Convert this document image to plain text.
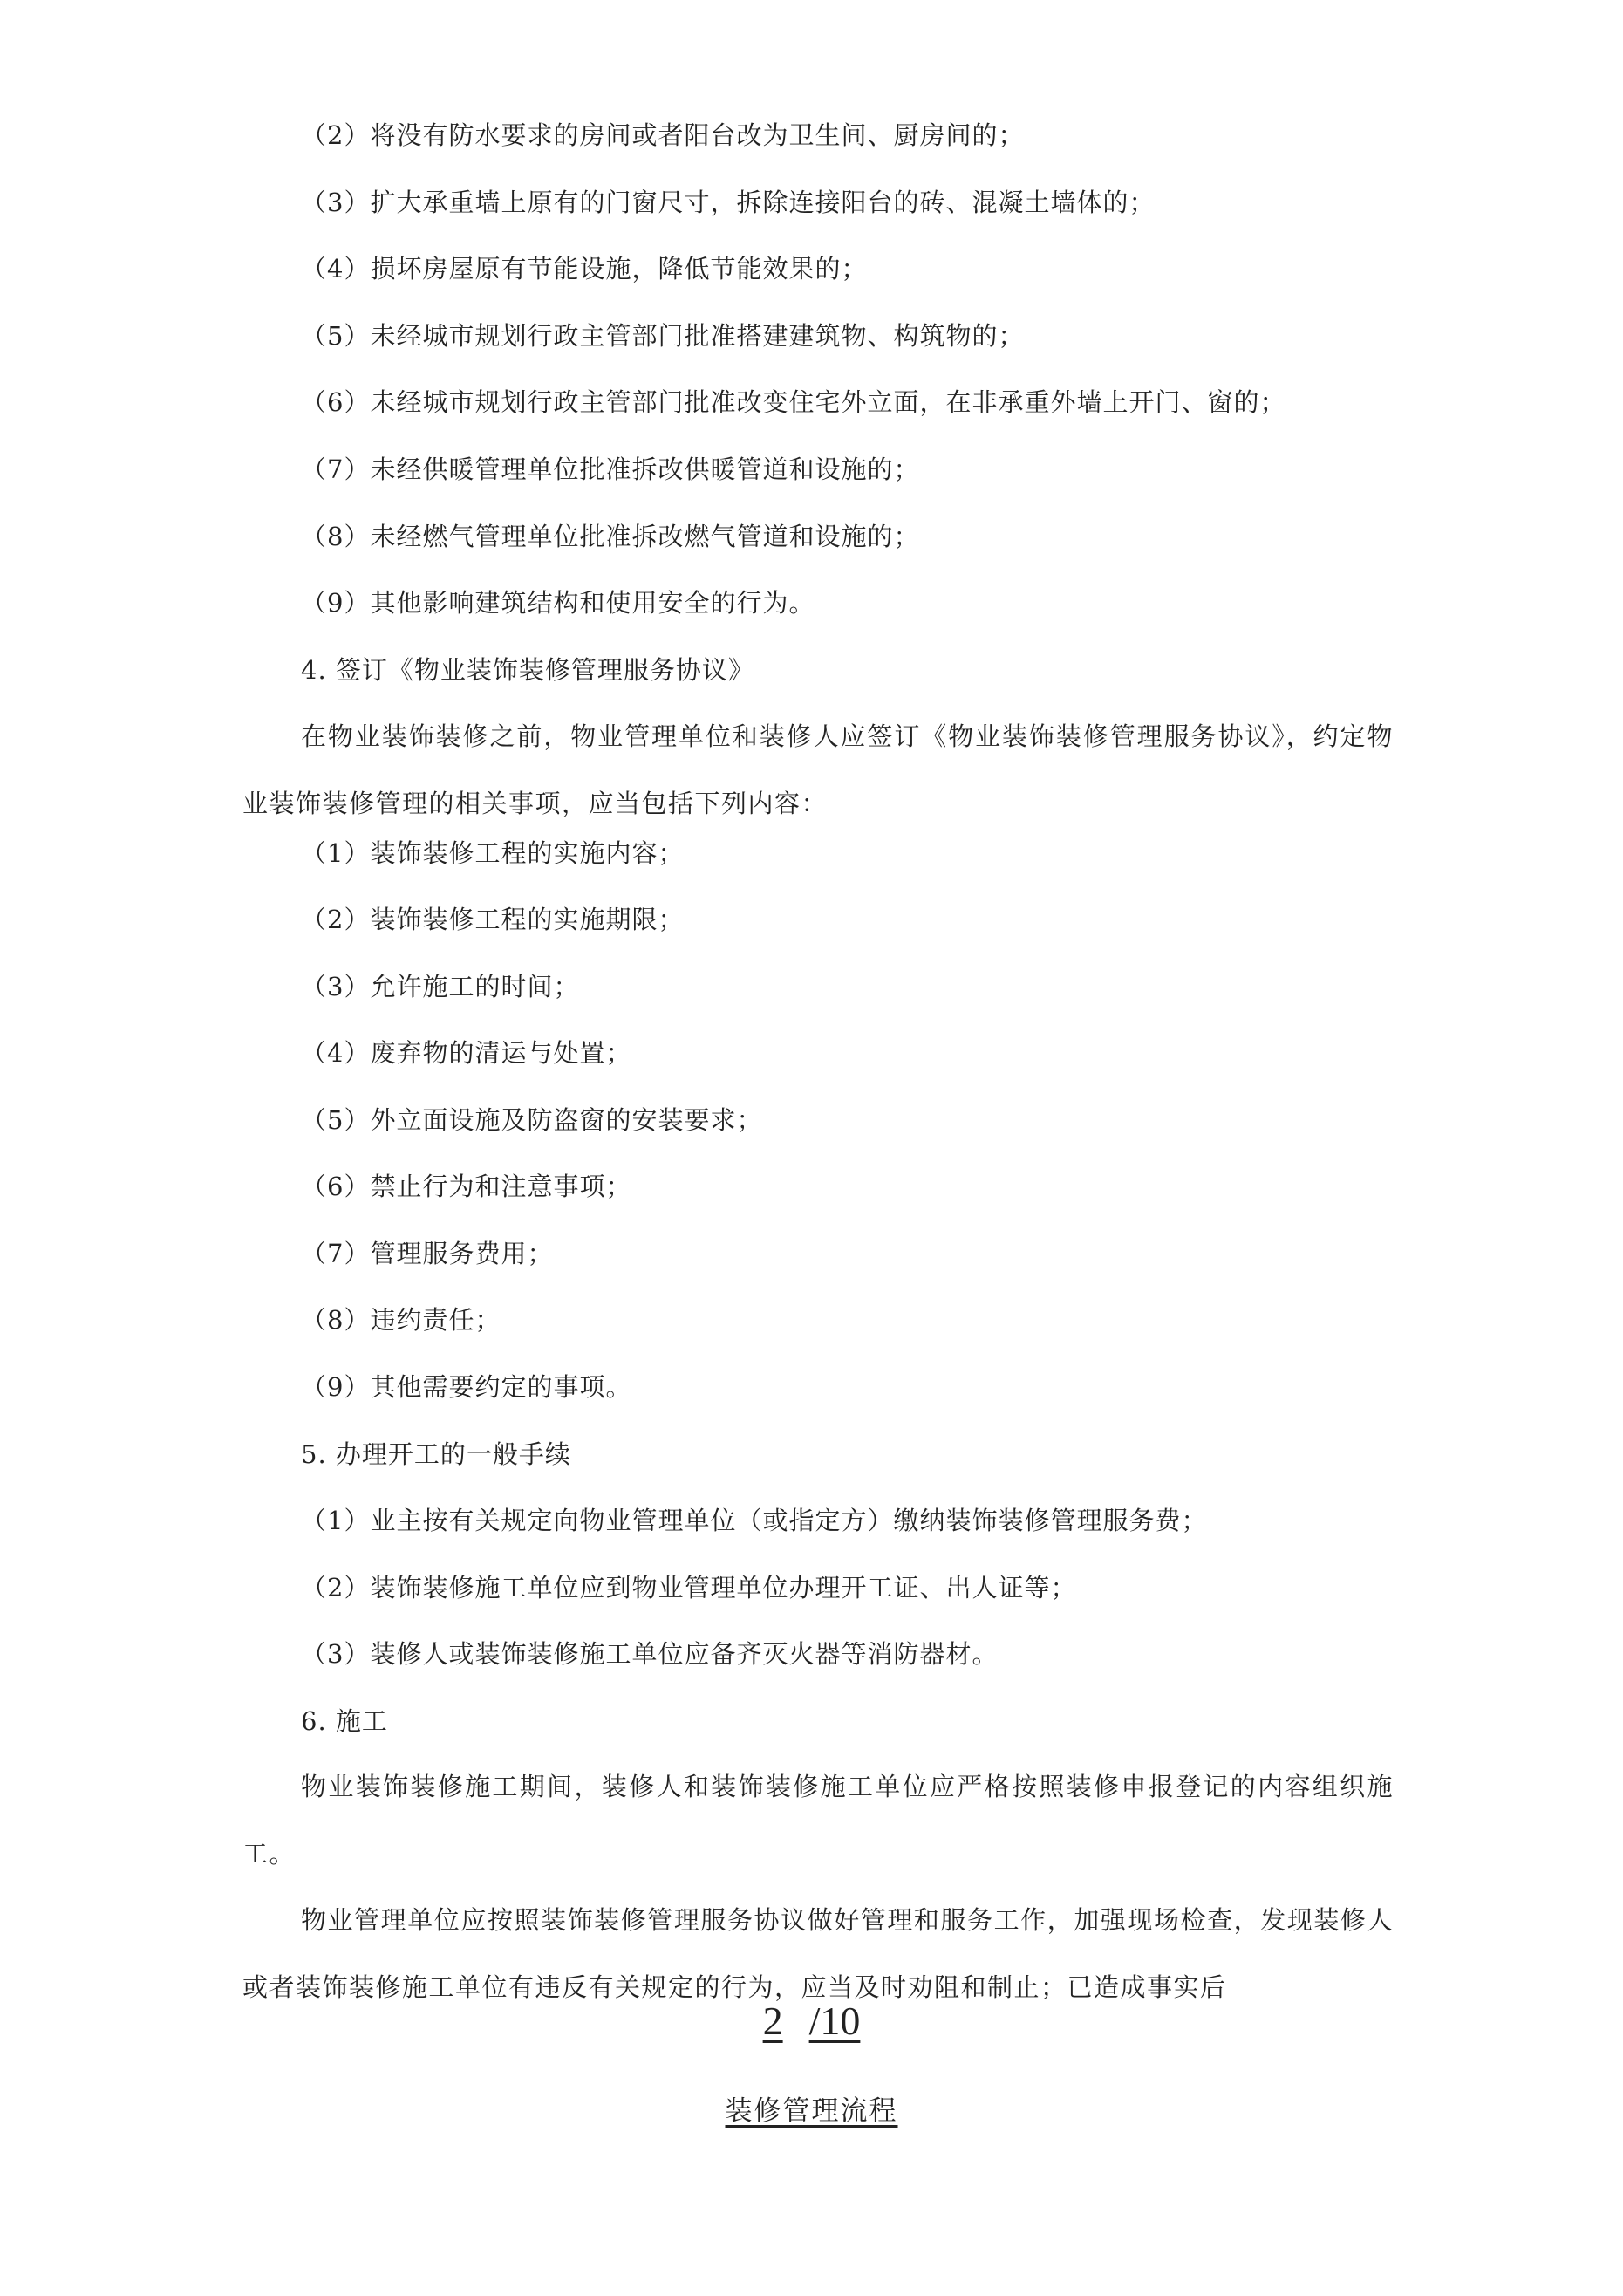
（2）将没有防水要求的房间或者阳台改为卫生间、厨房间的；
（3）扩大承重墙上原有的门窗尺寸，拆除连接阳台的砖、混凝土墙体的；
（4）损坏房屋原有节能设施，降低节能效果的；
（5）未经城市规划行政主管部门批准搭建建筑物、构筑物的；
（6）未经城市规划行政主管部门批准改变住宅外立面，在非承重外墙上开门、窗的；
（7）未经供暖管理单位批准拆改供暖管道和设施的；
（8）未经燃气管理单位批准拆改燃气管道和设施的；
（9）其他影响建筑结构和使用安全的行为。
4. 签订《物业装饰装修管理服务协议》
在物业装饰装修之前，物业管理单位和装修人应签订《物业装饰装修管理服务协议》，约定物业装饰装修管理的相关事项，应当包括下列内容：
（1）装饰装修工程的实施内容；
（2）装饰装修工程的实施期限；
（3）允许施工的时间；
（4）废弃物的清运与处置；
（5）外立面设施及防盗窗的安装要求；
（6）禁止行为和注意事项；
（7）管理服务费用；
（8）违约责任；
（9）其他需要约定的事项。
5. 办理开工的一般手续
（1）业主按有关规定向物业管理单位（或指定方）缴纳装饰装修管理服务费；
（2）装饰装修施工单位应到物业管理单位办理开工证、出人证等；
（3）装修人或装饰装修施工单位应备齐灭火器等消防器材。
6. 施工
物业装饰装修施工期间，装修人和装饰装修施工单位应严格按照装修申报登记的内容组织施工。
物业管理单位应按照装饰装修管理服务协议做好管理和服务工作，加强现场检查，发现装修人或者装饰装修施工单位有违反有关规定的行为，应当及时劝阻和制止；已造成事实后
2 /10
装修管理流程
